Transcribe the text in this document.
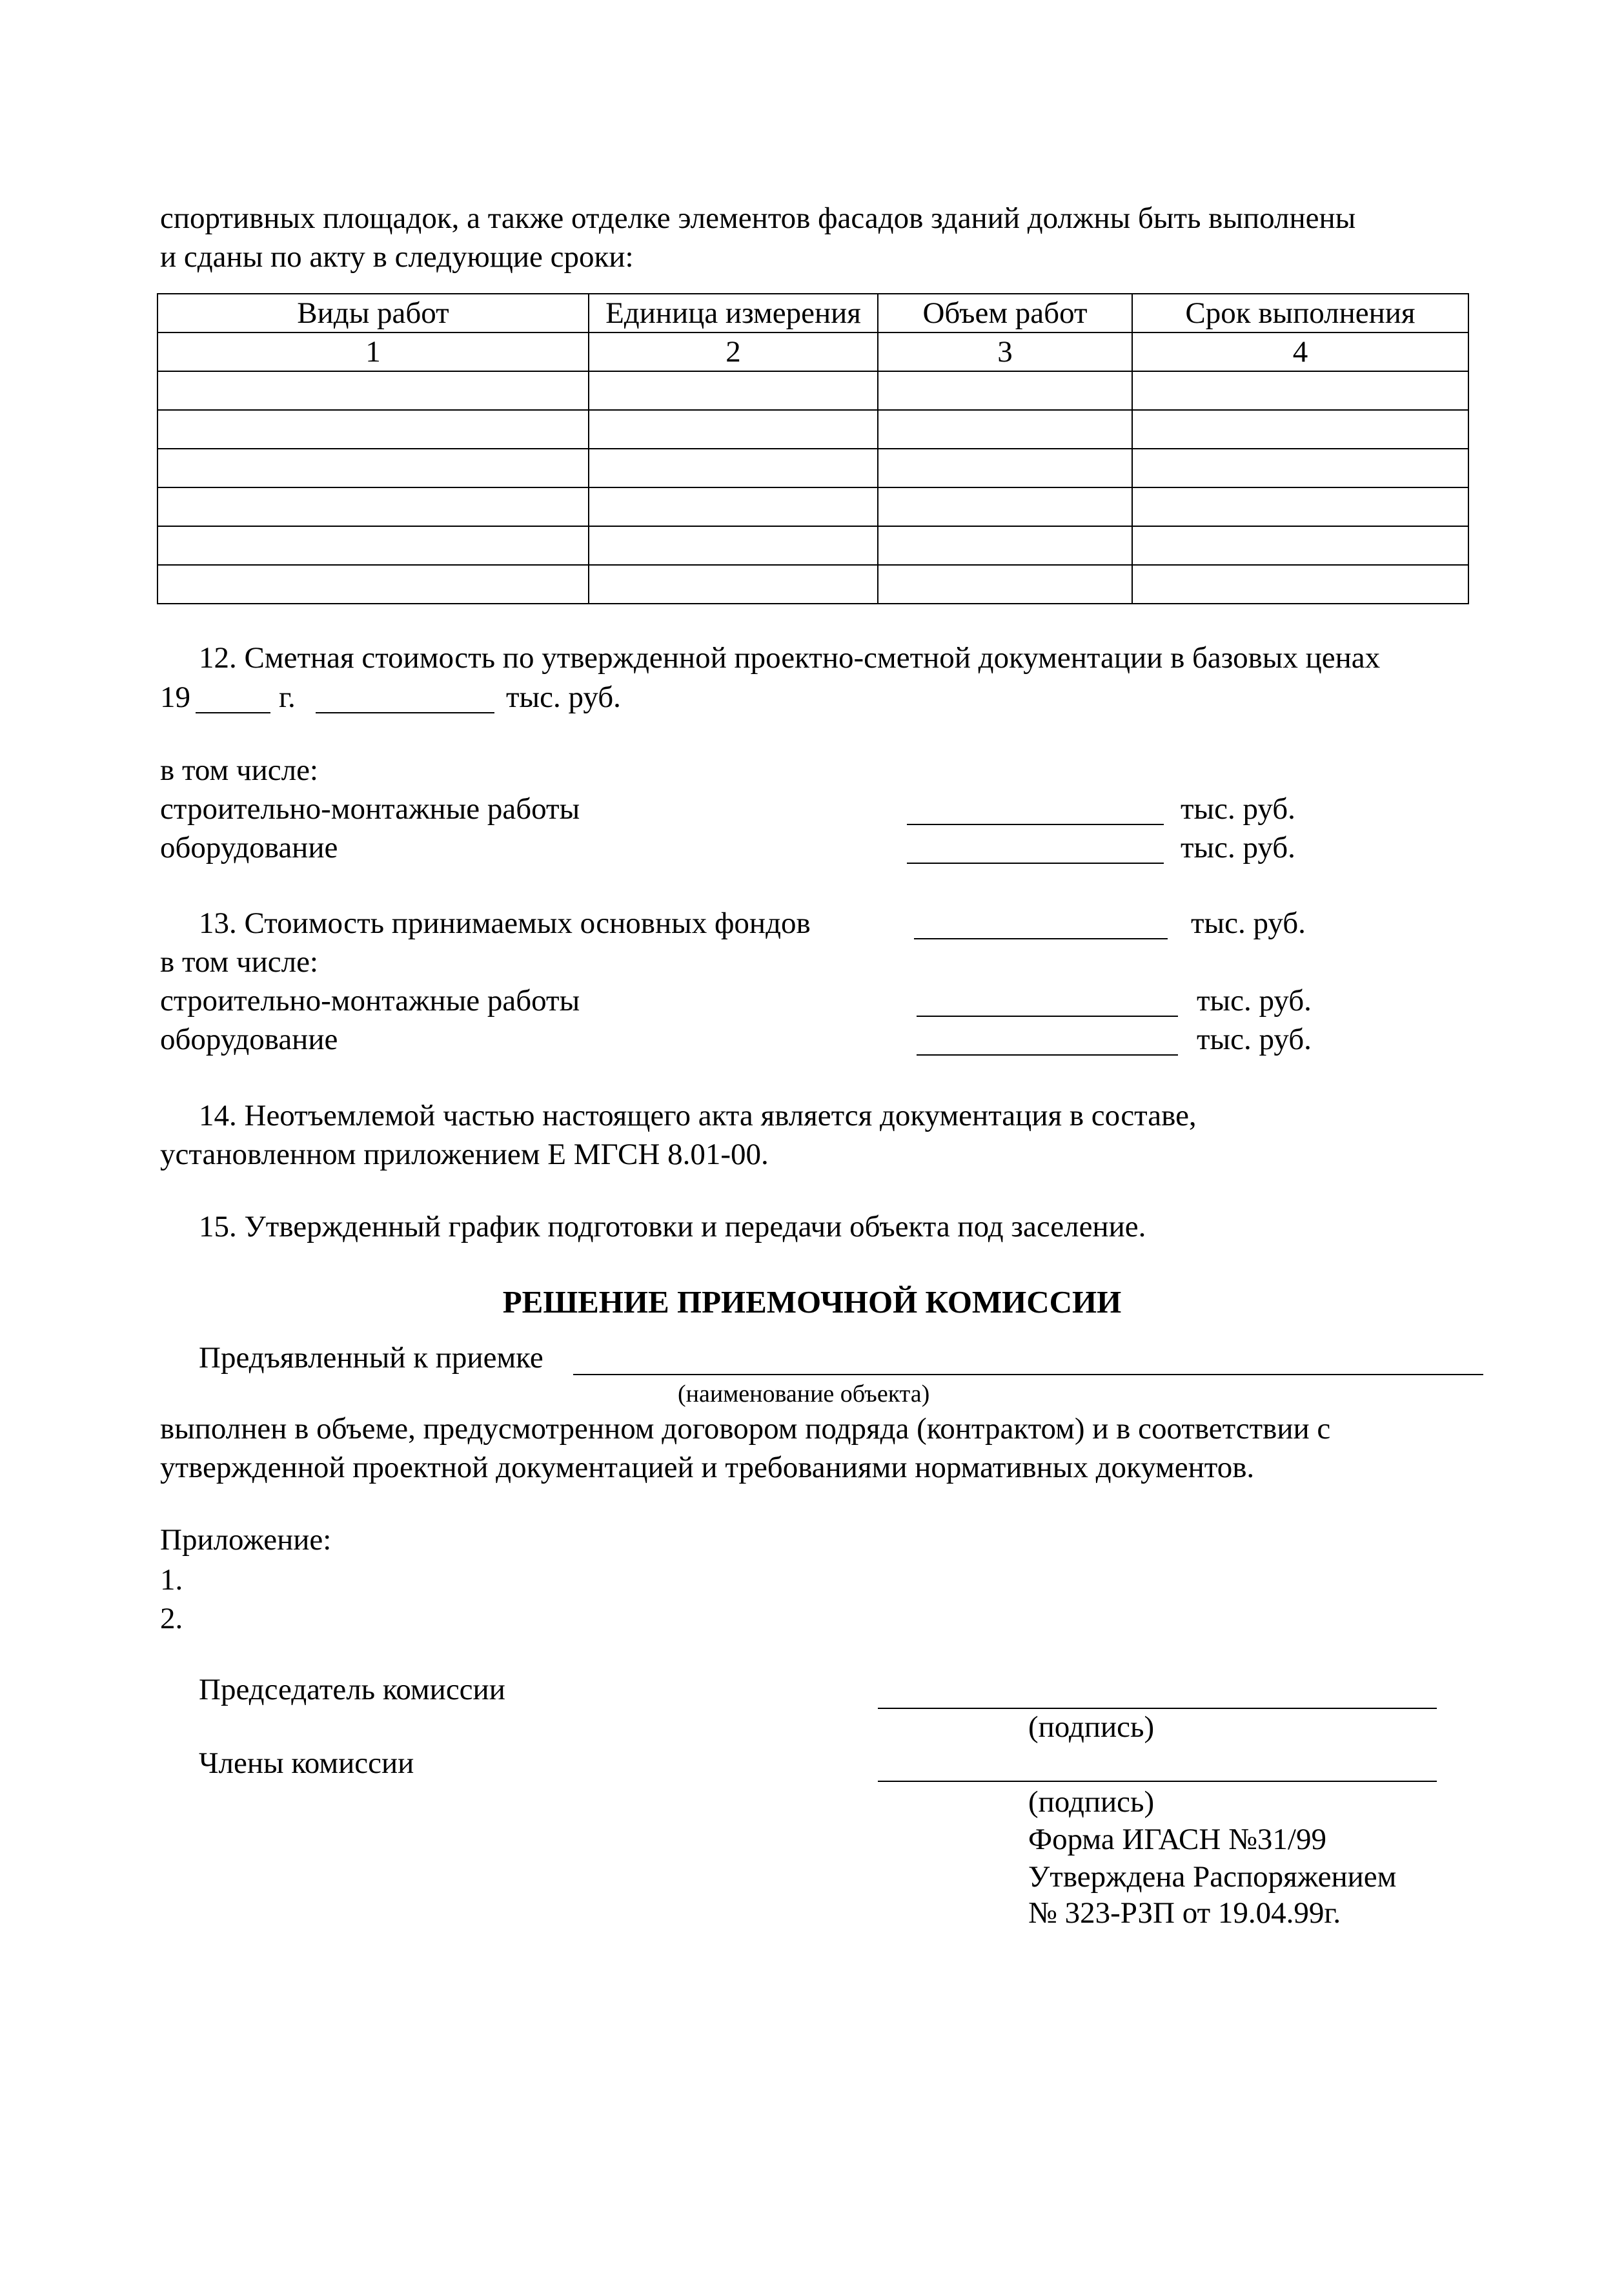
спортивных площадок, а также отделке элементов фасадов зданий должны быть выполнены
и сданы по акту в следующие сроки:
Виды работ	Единица измерения	Объем работ	Срок выполнения
1	2	3	4

12. Сметная стоимость по утвержденной проектно-сметной документации в базовых ценах
19	г.	тыс. руб.
в том числе:
строительно-монтажные работы	тыс. руб.
оборудование	тыс. руб.
13. Стоимость принимаемых основных фондов	тыс. руб.
в том числе:
строительно-монтажные работы	тыс. руб.
оборудование	тыс. руб.
14. Неотъемлемой частью настоящего акта является документация в составе,
установленном приложением Е МГСН 8.01-00.
15. Утвержденный график подготовки и передачи объекта под заселение.
РЕШЕНИЕ ПРИЕМОЧНОЙ КОМИССИИ
Предъявленный к приемке
(наименование объекта)
выполнен в объеме, предусмотренном договором подряда (контрактом) и в соответствии с
утвержденной проектной документацией и требованиями нормативных документов.
Приложение:
1.
2.
Председатель комиссии
(подпись)
Члены комиссии
(подпись)
Форма ИГАСН №31/99
Утверждена Распоряжением
№ 323-РЗП от 19.04.99г.
